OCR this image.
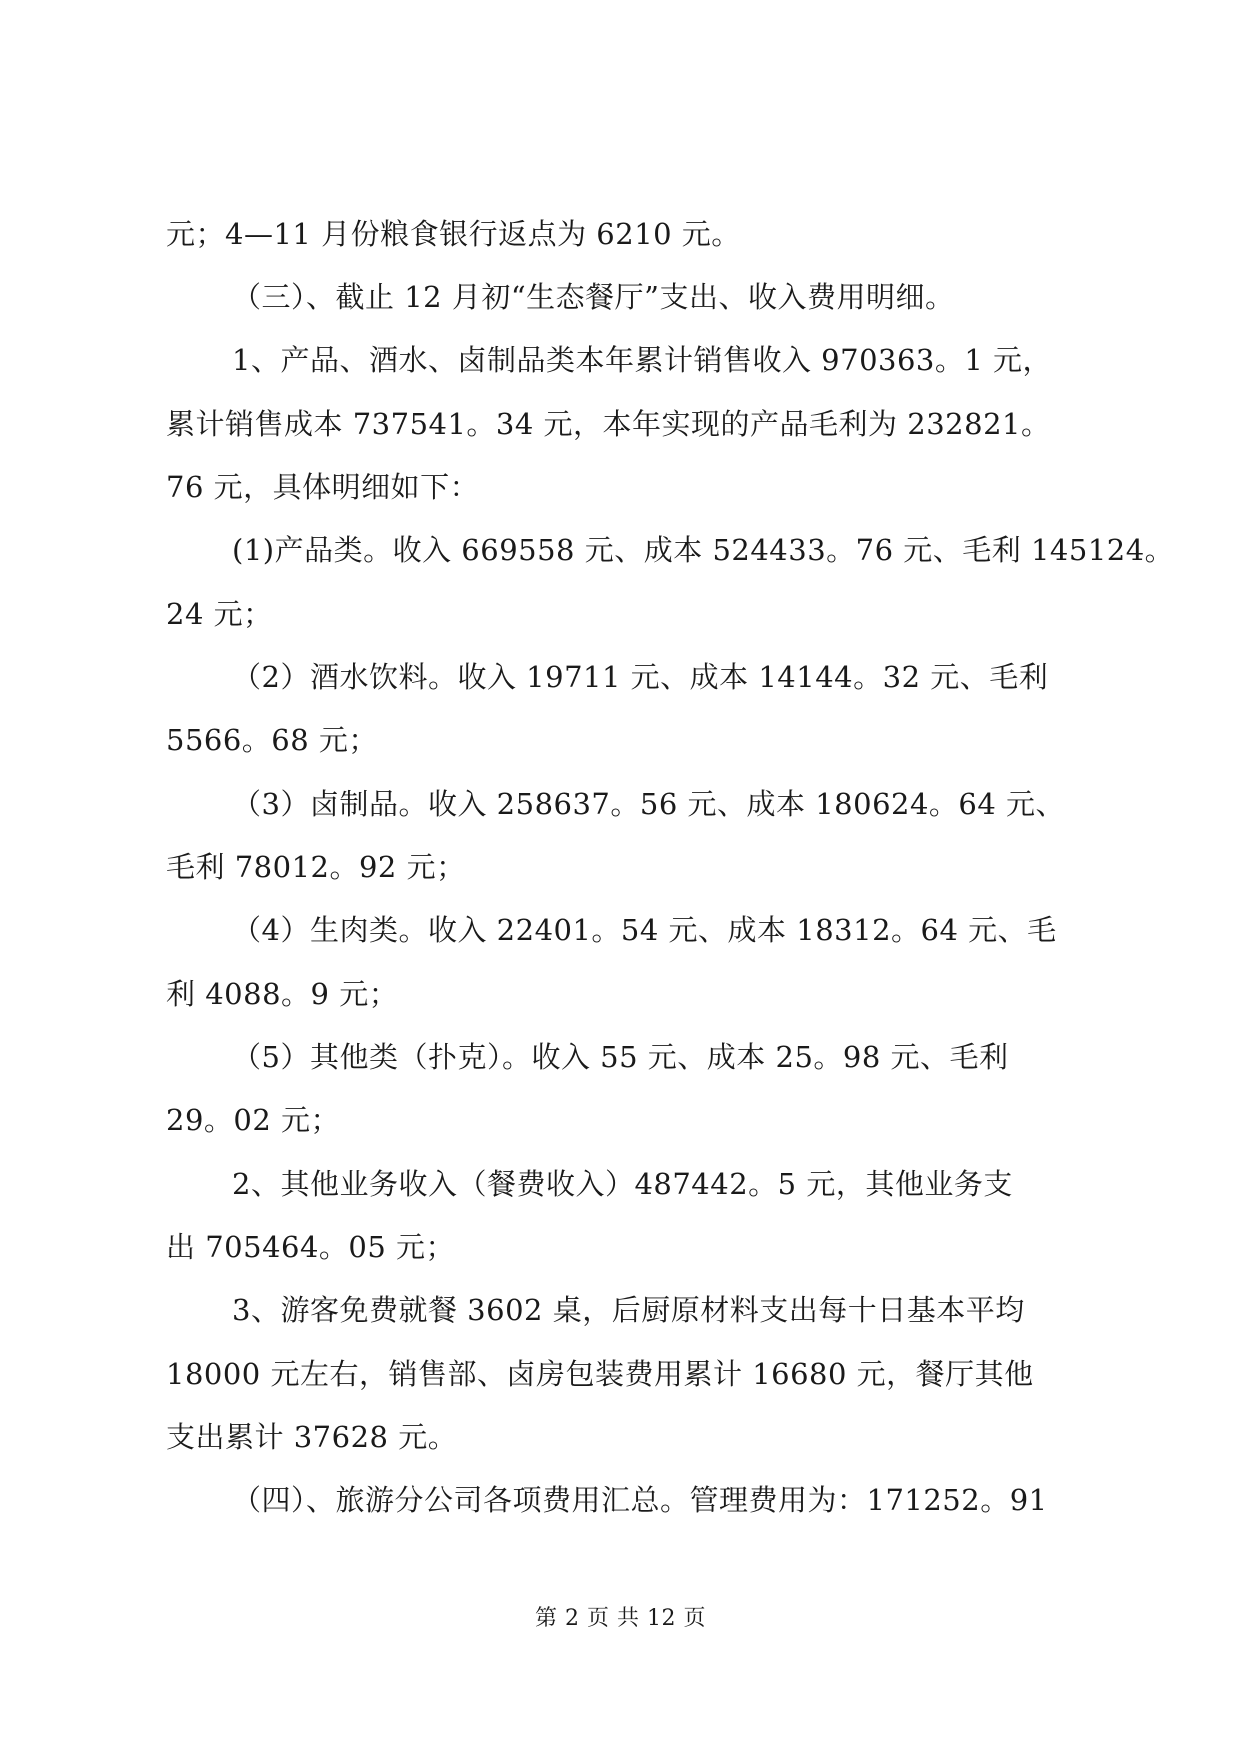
元；4—11 月份粮食银行返点为 6210 元。
（三）、截止 12 月初“生态餐厅”支出、收入费用明细。
1、产品、酒水、卤制品类本年累计销售收入 970363。1 元，
累计销售成本 737541。34 元，本年实现的产品毛利为 232821。
76 元，具体明细如下：
(1)产品类。收入 669558 元、成本 524433。76 元、毛利 145124。
24 元；
（2）酒水饮料。收入 19711 元、成本 14144。32 元、毛利
5566。68 元；
（3）卤制品。收入 258637。56 元、成本 180624。64 元、
毛利 78012。92 元；
（4）生肉类。收入 22401。54 元、成本 18312。64 元、毛
利 4088。9 元；
（5）其他类（扑克）。收入 55 元、成本 25。98 元、毛利
29。02 元；
2、其他业务收入（餐费收入）487442。5 元，其他业务支
出 705464。05 元；
3、游客免费就餐 3602 桌，后厨原材料支出每十日基本平均
18000 元左右，销售部、卤房包装费用累计 16680 元，餐厅其他
支出累计 37628 元。
（四）、旅游分公司各项费用汇总。管理费用为：171252。91
第 2 页 共 12 页
